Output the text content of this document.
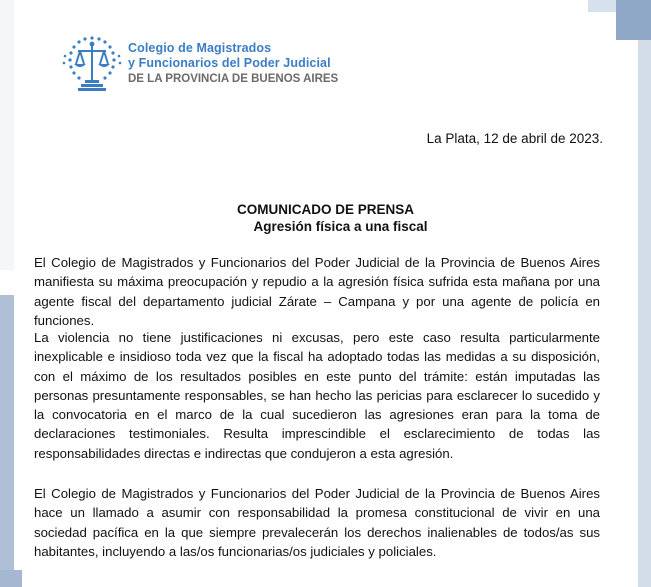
Colegio de Magistrados
y Funcionarios del Poder Judicial
DE LA PROVINCIA DE BUENOS AIRES
La Plata, 12 de abril de 2023.
COMUNICADO DE PRENSA
Agresión física a una fiscal
El Colegio de Magistrados y Funcionarios del Poder Judicial de la Provincia de Buenos Aires manifiesta su máxima preocupación y repudio a la agresión física sufrida esta mañana por una agente fiscal del departamento judicial Zárate – Campana y por una agente de policía en funciones.
La violencia no tiene justificaciones ni excusas, pero este caso resulta particularmente inexplicable e insidioso toda vez que la fiscal ha adoptado todas las medidas a su disposición, con el máximo de los resultados posibles en este punto del trámite: están imputadas las personas presuntamente responsables, se han hecho las pericias para esclarecer lo sucedido y la convocatoria en el marco de la cual sucedieron las agresiones eran para la toma de declaraciones testimoniales. Resulta imprescindible el esclarecimiento de todas las responsabilidades directas e indirectas que condujeron a esta agresión.
El Colegio de Magistrados y Funcionarios del Poder Judicial de la Provincia de Buenos Aires hace un llamado a asumir con responsabilidad la promesa constitucional de vivir en una sociedad pacífica en la que siempre prevalecerán los derechos inalienables de todos/as sus habitantes, incluyendo a las/os funcionarias/os judiciales y policiales.
